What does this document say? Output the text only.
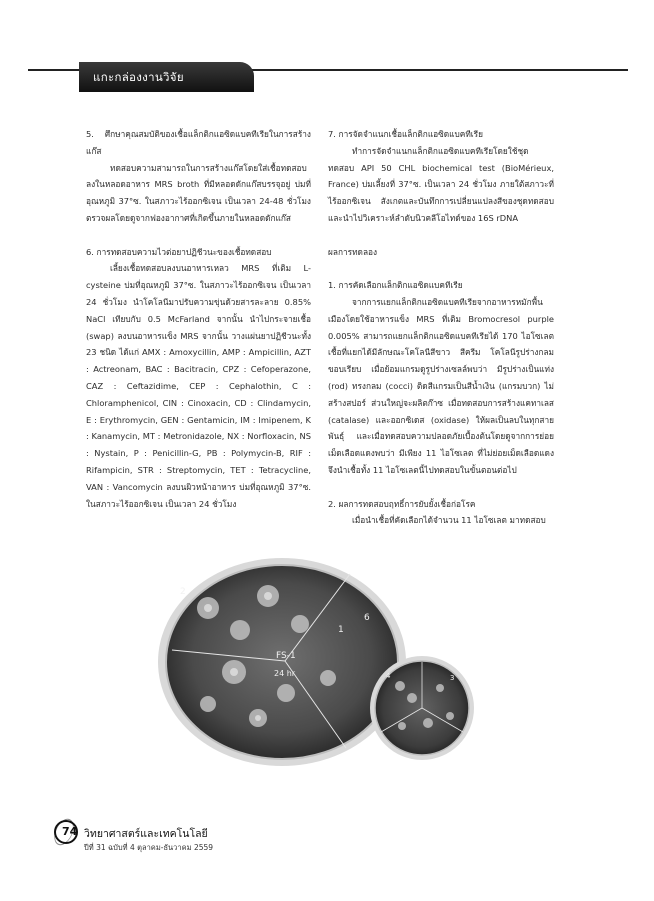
แกะกล่องงานวิจัย

5. ศึกษาคุณสมบัติของเชื้อแล็กติกแอซิดแบคทีเรียในการสร้างแก๊ส

ทดสอบความสามารถในการสร้างแก๊สโดยใส่เชื้อทดสอบลงในหลอดอาหาร MRS broth ที่มีหลอดดักแก๊สบรรจุอยู่ บ่มที่อุณหภูมิ 37°ซ. ในสภาวะไร้ออกซิเจน เป็นเวลา 24-48 ชั่วโมง ตรวจผลโดยดูจากฟองอากาศที่เกิดขึ้นภายในหลอดดักแก๊ส

6. การทดสอบความไวต่อยาปฏิชีวนะของเชื้อทดสอบ

เลี้ยงเชื้อทดสอบลงบนอาหารเหลว MRS ที่เติม L-cysteine บ่มที่อุณหภูมิ 37°ซ. ในสภาวะไร้ออกซิเจน เป็นเวลา 24 ชั่วโมง นำโคโลนีมาปรับความขุ่นด้วยสารละลาย 0.85% NaCl เทียบกับ 0.5 McFarland จากนั้น นำไปกระจายเชื้อ (swap) ลงบนอาหารแข็ง MRS จากนั้น วางแผ่นยาปฏิชีวนะทั้ง 23 ชนิด ได้แก่ AMX : Amoxycillin, AMP : Ampicillin, AZT : Actreonam, BAC : Bacitracin, CPZ : Cefoperazone, CAZ : Ceftazidime, CEP : Cephalothin, C : Chloramphenicol, CIN : Cinoxacin, CD : Clindamycin, E : Erythromycin, GEN : Gentamicin, IM : Imipenem, K : Kanamycin, MT : Metronidazole, NX : Norfloxacin, NS : Nystain, P : Penicillin-G, PB : Polymycin-B, RIF : Rifampicin, STR : Streptomycin, TET : Tetracycline, VAN : Vancomycin ลงบนผิวหน้าอาหาร บ่มที่อุณหภูมิ 37°ซ. ในสภาวะไร้ออกซิเจน เป็นเวลา 24 ชั่วโมง

7. การจัดจำแนกเชื้อแล็กติกแอซิดแบคทีเรีย

ทำการจัดจำแนกแล็กติกแอซิดแบคทีเรียโดยใช้ชุดทดสอบ API 50 CHL biochemical test (BioMérieux, France) บ่มเลี้ยงที่ 37°ซ. เป็นเวลา 24 ชั่วโมง ภายใต้สภาวะที่ไร้ออกซิเจน สังเกตและบันทึกการเปลี่ยนแปลงสีของชุดทดสอบ และนำไปวิเคราะห์ลำดับนิวคลีโอไทด์ของ 16S rDNA

ผลการทดลอง

1. การคัดเลือกแล็กติกแอซิดแบคทีเรีย

จากการแยกแล็กติกแอซิดแบคทีเรียจากอาหารหมักพื้นเมืองโดยใช้อาหารแข็ง MRS ที่เติม Bromocresol purple 0.005% สามารถแยกแล็กติกแอซิดแบคทีเรียได้ 170 ไอโซเลต เชื้อที่แยกได้มีลักษณะโคโลนีสีขาว สีครีม โคโลนีรูปร่างกลม ขอบเรียบ เมื่อย้อมแกรมดูรูปร่างเซลล์พบว่า มีรูปร่างเป็นแท่ง (rod) ทรงกลม (cocci) ติดสีแกรมเป็นสีน้ำเงิน (แกรมบวก) ไม่สร้างสปอร์ ส่วนใหญ่จะผลิตก๊าซ เมื่อทดสอบการสร้างแคทาเลส (catalase) และออกซิเดส (oxidase) ให้ผลเป็นลบในทุกสายพันธุ์ และเมื่อทดสอบความปลอดภัยเบื้องต้นโดยดูจากการย่อยเม็ดเลือดแดงพบว่า มีเพียง 11 ไอโซเลต ที่ไม่ย่อยเม็ดเลือดแดงจึงนำเชื้อทั้ง 11 ไอโซเลตนี้ไปทดสอบในขั้นตอนต่อไป

2. ผลการทดสอบฤทธิ์การยับยั้งเชื้อก่อโรค

เมื่อนำเชื้อที่คัดเลือกได้จำนวน 11 ไอโซเลต มาทดสอบ

FS-1
24 hr
2
6
1
4	3
74 วิทยาศาสตร์และเทคโนโลยี
ปีที่ 31 ฉบับที่ 4 ตุลาคม-ธันวาคม 2559
